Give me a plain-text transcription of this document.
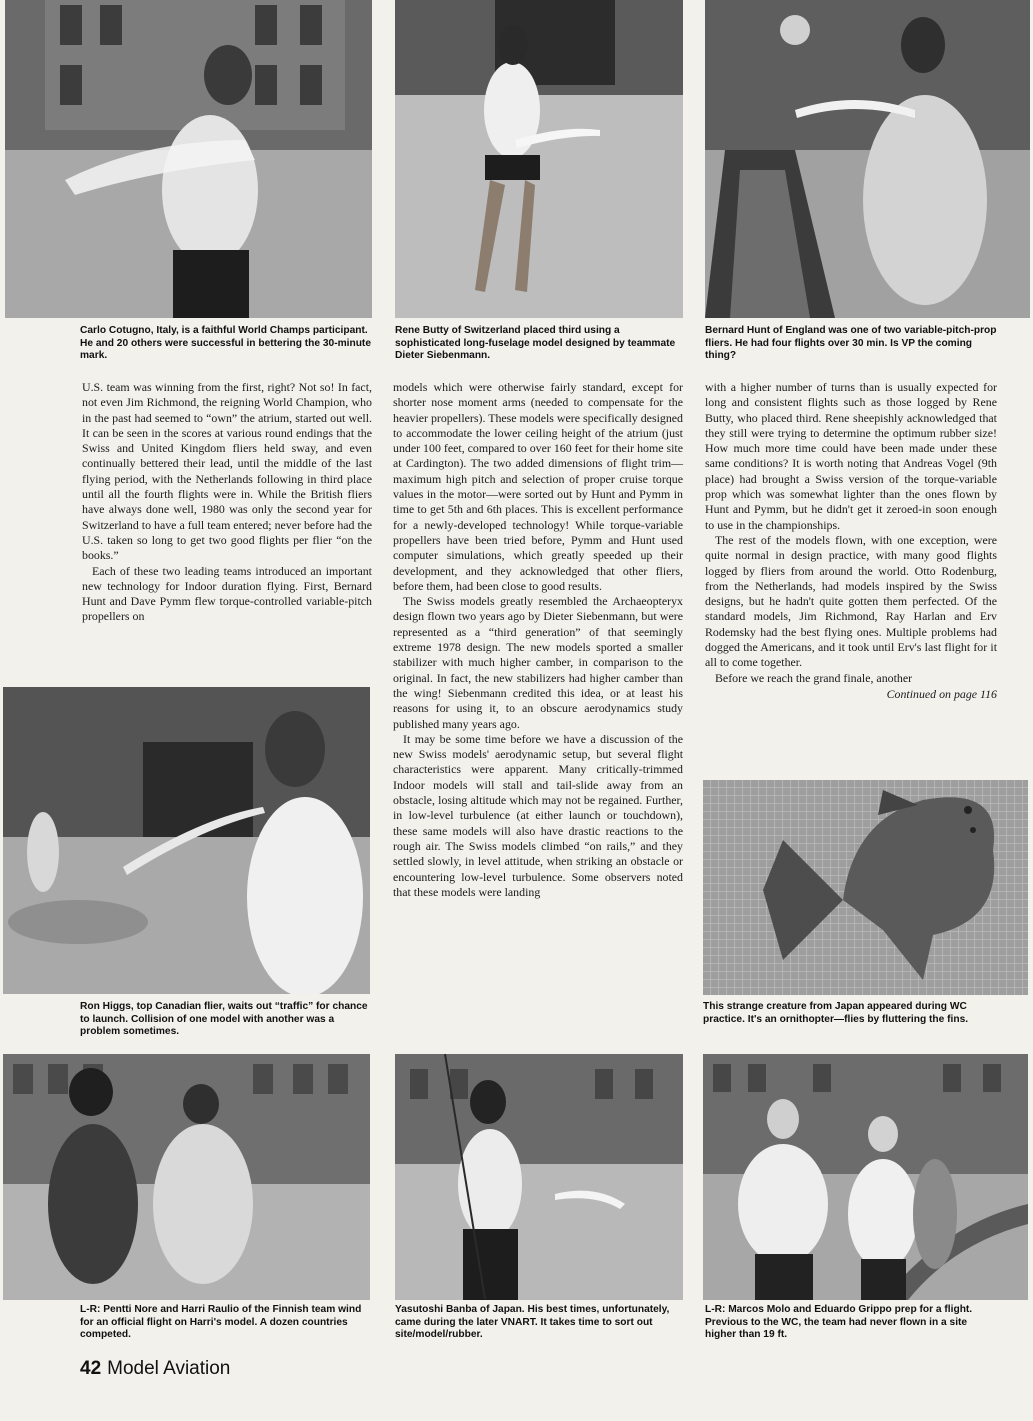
Carlo Cotugno, Italy, is a faithful World Champs participant. He and 20 others were successful in bettering the 30-minute mark.

Rene Butty of Switzerland placed third using a sophisticated long-fuselage model designed by teammate Dieter Siebenmann.

Bernard Hunt of England was one of two variable-pitch-prop fliers. He had four flights over 30 min. Is VP the coming thing?

U.S. team was winning from the first, right? Not so! In fact, not even Jim Richmond, the reigning World Champion, who in the past had seemed to “own” the atrium, started out well. It can be seen in the scores at various round endings that the Swiss and United Kingdom fliers held sway, and even continually bettered their lead, until the middle of the last flying period, with the Netherlands following in third place until all the fourth flights were in. While the British fliers have always done well, 1980 was only the second year for Switzerland to have a full team entered; never before had the U.S. taken so long to get two good flights per flier “on the books.”

Each of these two leading teams introduced an important new technology for Indoor duration flying. First, Bernard Hunt and Dave Pymm flew torque-controlled variable-pitch propellers on

models which were otherwise fairly standard, except for shorter nose moment arms (needed to compensate for the heavier propellers). These models were specifically designed to accommodate the lower ceiling height of the atrium (just under 100 feet, compared to over 160 feet for their home site at Cardington). The two added dimensions of flight trim—maximum high pitch and selection of proper cruise torque values in the motor—were sorted out by Hunt and Pymm in time to get 5th and 6th places. This is excellent performance for a newly-developed technology! While torque-variable propellers have been tried before, Pymm and Hunt used computer simulations, which greatly speeded up their development, and they acknowledged that other fliers, before them, had been close to good results.

The Swiss models greatly resembled the Archaeopteryx design flown two years ago by Dieter Siebenmann, but were represented as a “third generation” of that seemingly extreme 1978 design. The new models sported a smaller stabilizer with much higher camber, in comparison to the original. In fact, the new stabilizers had higher camber than the wing! Siebenmann credited this idea, or at least his reasons for using it, to an obscure aerodynamics study published many years ago.

It may be some time before we have a discussion of the new Swiss models' aerodynamic setup, but several flight characteristics were apparent. Many critically-trimmed Indoor models will stall and tail-slide away from an obstacle, losing altitude which may not be regained. Further, in low-level turbulence (at either launch or touchdown), these same models will also have drastic reactions to the rough air. The Swiss models climbed “on rails,” and they settled slowly, in level attitude, when striking an obstacle or encountering low-level turbulence. Some observers noted that these models were landing

with a higher number of turns than is usually expected for long and consistent flights such as those logged by Rene Butty, who placed third. Rene sheepishly acknowledged that they still were trying to determine the optimum rubber size! How much more time could have been made under these same conditions? It is worth noting that Andreas Vogel (9th place) had brought a Swiss version of the torque-variable prop which was somewhat lighter than the ones flown by Hunt and Pymm, but he didn't get it zeroed-in soon enough to use in the championships.

The rest of the models flown, with one exception, were quite normal in design practice, with many good flights logged by fliers from around the world. Otto Rodenburg, from the Netherlands, had models inspired by the Swiss designs, but he hadn't quite gotten them perfected. Of the standard models, Jim Richmond, Ray Harlan and Erv Rodemsky had the best flying ones. Multiple problems had dogged the Americans, and it took until Erv's last flight for it all to come together.

Before we reach the grand finale, another

Continued on page 116

Ron Higgs, top Canadian flier, waits out “traffic” for chance to launch. Collision of one model with another was a problem sometimes.

This strange creature from Japan appeared during WC practice. It's an ornithopter—flies by fluttering the fins.

L-R: Pentti Nore and Harri Raulio of the Finnish team wind for an official flight on Harri's model. A dozen countries competed.

Yasutoshi Banba of Japan. His best times, unfortunately, came during the later VNART. It takes time to sort out site/model/rubber.

L-R: Marcos Molo and Eduardo Grippo prep for a flight. Previous to the WC, the team had never flown in a site higher than 19 ft.

42 Model Aviation
